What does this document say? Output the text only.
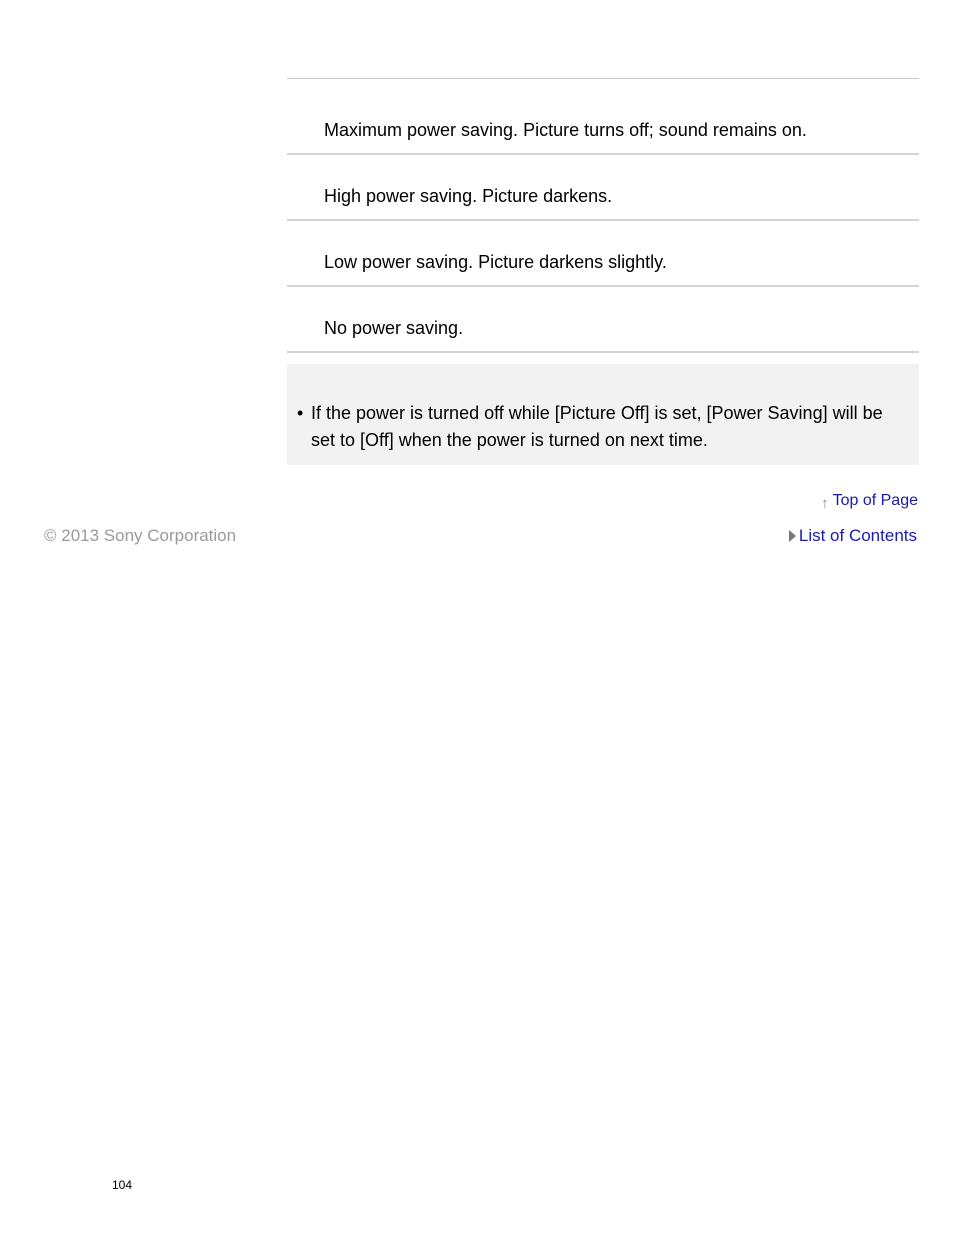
Maximum power saving. Picture turns off; sound remains on.
High power saving. Picture darkens.
Low power saving. Picture darkens slightly.
No power saving.
• If the power is turned off while [Picture Off] is set, [Power Saving] will be set to [Off] when the power is turned on next time.
↑ Top of Page
© 2013 Sony Corporation	List of Contents
104
